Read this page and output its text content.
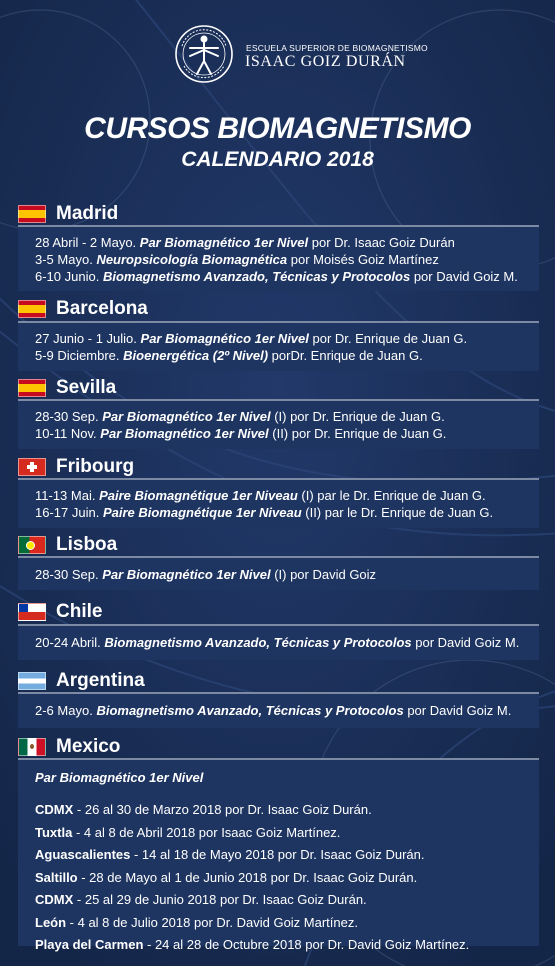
ESCUELA SUPERIOR DE BIOMAGNETISMO
ISAAC GOIZ DURÁN
CURSOS BIOMAGNETISMO
CALENDARIO 2018
Madrid
28 Abril - 2 Mayo. Par Biomagnético 1er Nivel por Dr. Isaac Goiz Durán
3-5 Mayo. Neuropsicología Biomagnética por Moisés Goiz Martínez
6-10 Junio. Biomagnetismo Avanzado, Técnicas y Protocolos por David Goiz M.
Barcelona
27 Junio - 1 Julio. Par Biomagnético 1er Nivel por Dr. Enrique de Juan G.
5-9 Diciembre. Bioenergética (2º Nivel) porDr. Enrique de Juan G.
Sevilla
28-30 Sep. Par Biomagnético 1er Nivel (I) por Dr. Enrique de Juan G.
10-11 Nov. Par Biomagnético 1er Nivel (II) por Dr. Enrique de Juan G.
Fribourg
11-13 Mai. Paire Biomagnétique 1er Niveau (I) par le Dr. Enrique de Juan G.
16-17 Juin. Paire Biomagnétique 1er Niveau (II) par le Dr. Enrique de Juan G.
Lisboa
28-30 Sep. Par Biomagnético 1er Nivel (I) por David Goiz
Chile
20-24 Abril. Biomagnetismo Avanzado, Técnicas y Protocolos por David Goiz M.
Argentina
2-6 Mayo. Biomagnetismo Avanzado, Técnicas y Protocolos por David Goiz M.
Mexico
Par Biomagnético 1er Nivel
CDMX - 26 al 30 de Marzo 2018 por Dr. Isaac Goiz Durán.
Tuxtla - 4 al 8 de Abril 2018 por Isaac Goiz Martínez.
Aguascalientes - 14 al 18 de Mayo 2018 por Dr. Isaac Goiz Durán.
Saltillo - 28 de Mayo al 1 de Junio 2018 por Dr. Isaac Goiz Durán.
CDMX - 25 al 29 de Junio 2018 por Dr. Isaac Goiz Durán.
León - 4 al 8 de Julio 2018 por Dr. David Goiz Martínez.
Playa del Carmen - 24 al 28 de Octubre 2018 por Dr. David Goiz Martínez.
